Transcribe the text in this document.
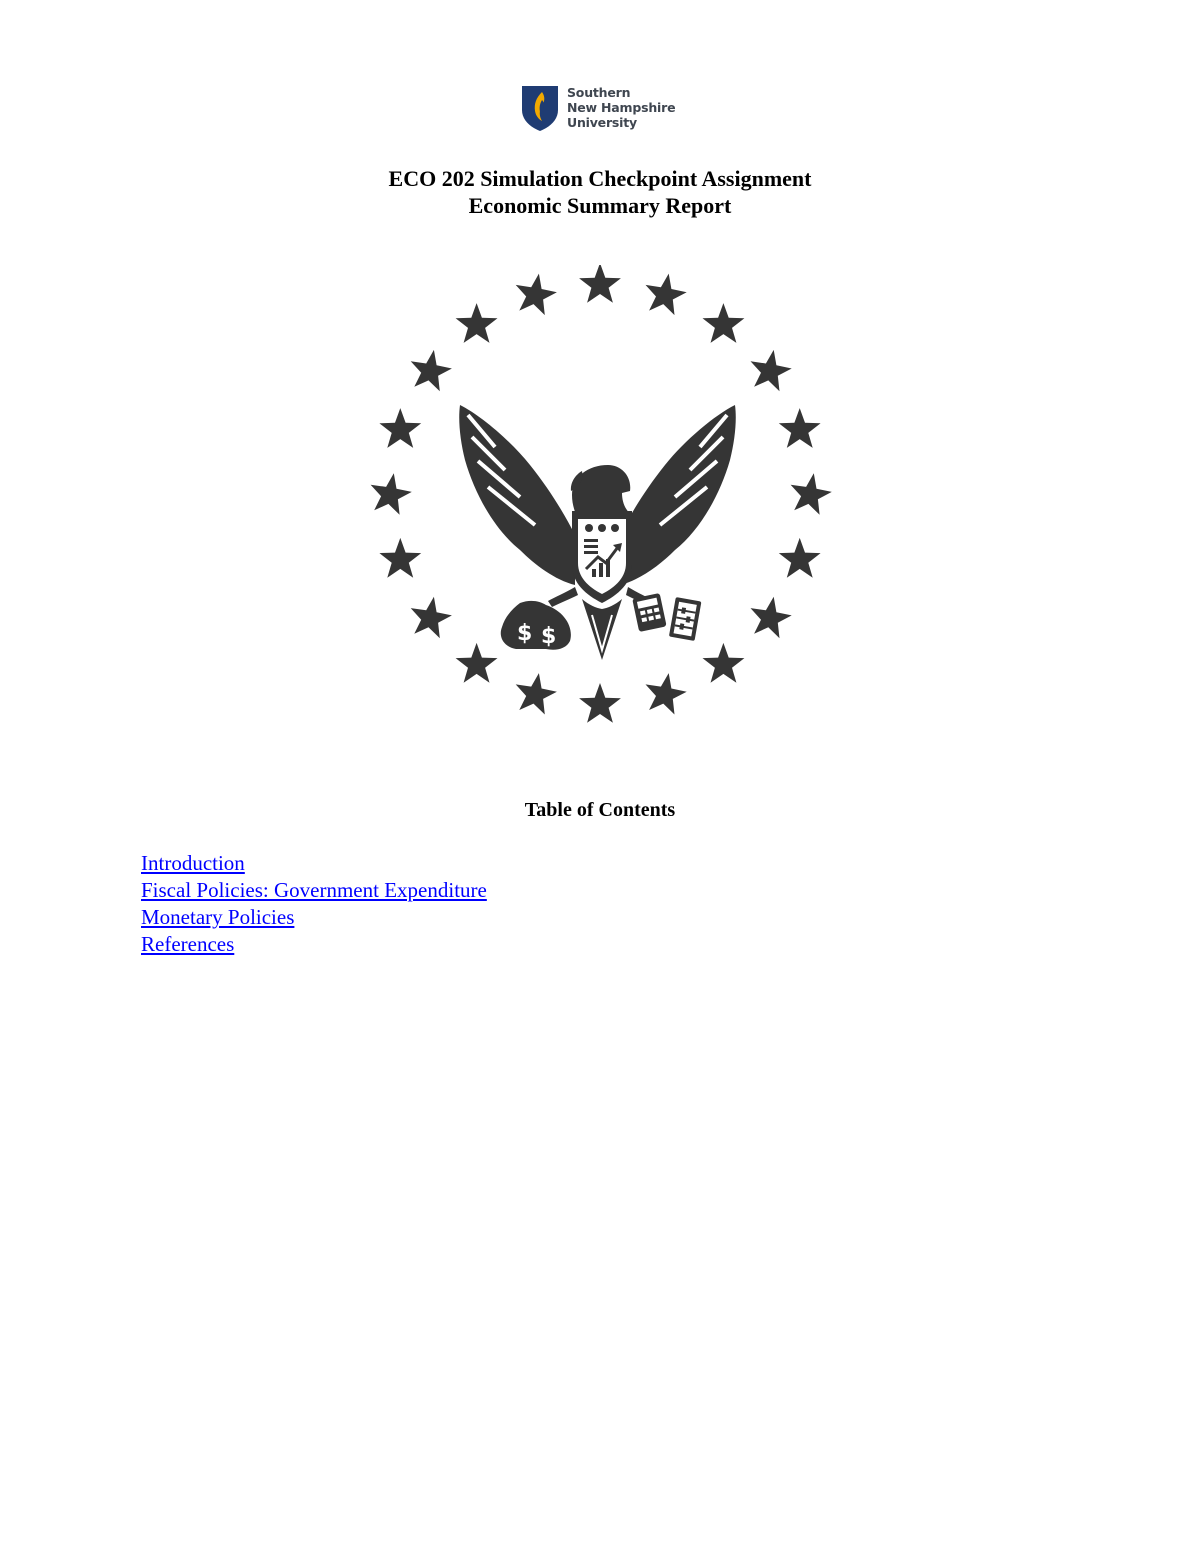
Southern
New Hampshire
University
ECO 202 Simulation Checkpoint Assignment
Economic Summary Report
$ $
Table of Contents
Introduction
Fiscal Policies: Government Expenditure
Monetary Policies
References
